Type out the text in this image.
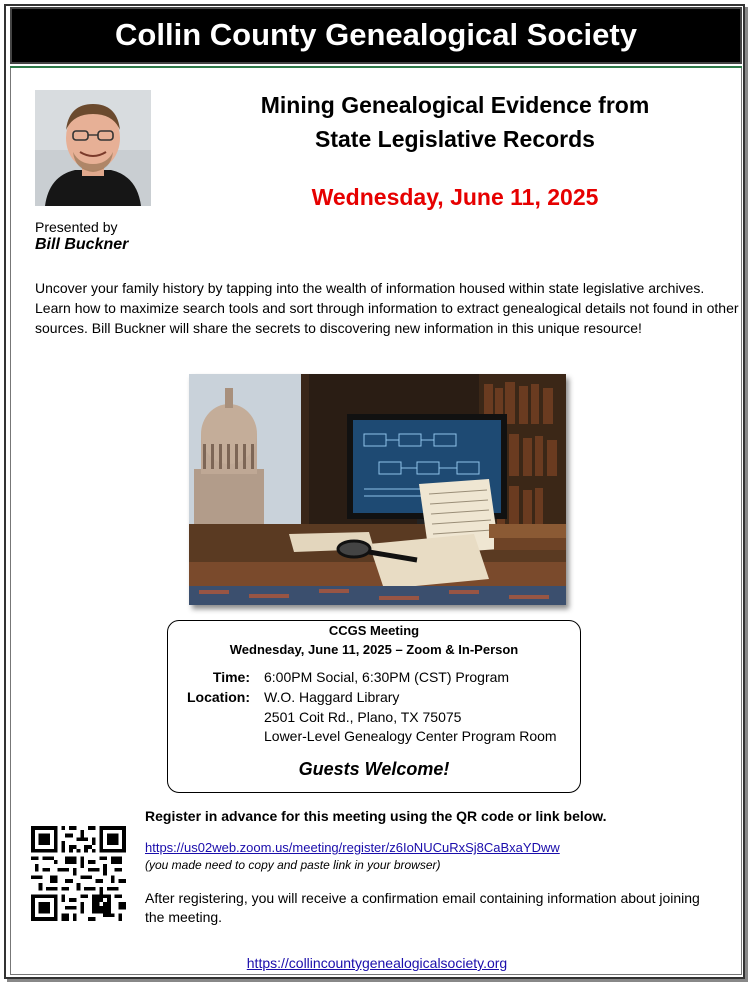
Collin County Genealogical Society
Presented by
Bill Buckner
Mining Genealogical Evidence from
State Legislative Records
Wednesday, June 11, 2025
Uncover your family history by tapping into the wealth of information housed within state legislative archives. Learn how to maximize search tools and sort through information to extract genealogical details not found in other sources. Bill Buckner will share the secrets to discovering new information in this unique resource!
CCGS Meeting
Wednesday, June 11, 2025 – Zoom & In-Person
Time: 6:00PM Social, 6:30PM (CST) Program
Location: W.O. Haggard Library
2501 Coit Rd., Plano, TX 75075
Lower-Level Genealogy Center Program Room
Guests Welcome!
Register in advance for this meeting using the QR code or link below.
https://us02web.zoom.us/meeting/register/z6IoNUCuRxSj8CaBxaYDww
(you made need to copy and paste link in your browser)
After registering, you will receive a confirmation email containing information about joining the meeting.
https://collincountygenealogicalsociety.org
